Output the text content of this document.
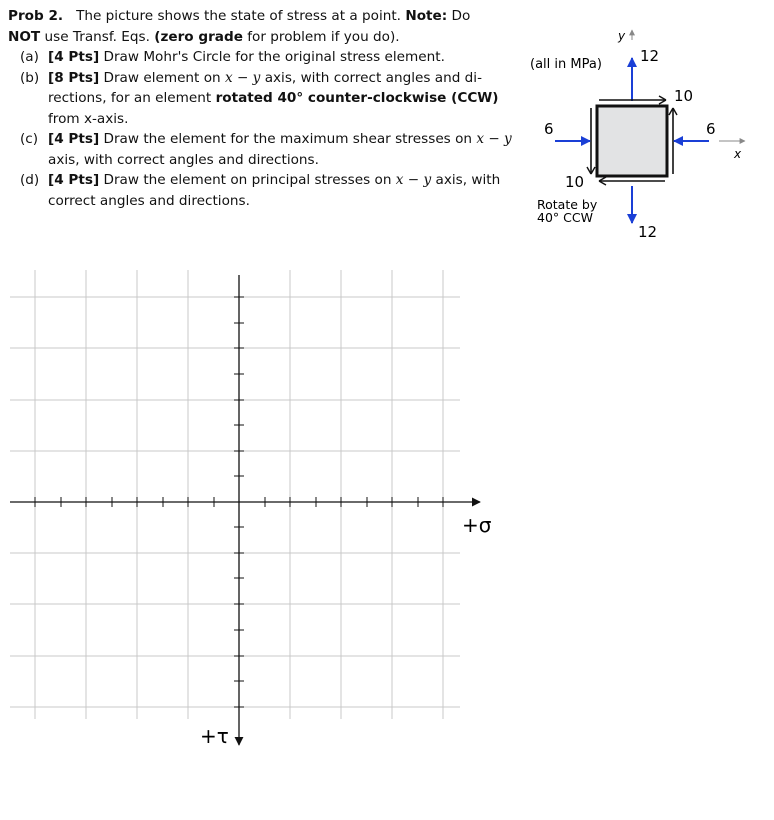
Prob 2. The picture shows the state of stress at a point. Note: Do
NOT use Transf. Eqs. (zero grade for problem if you do).
(a) [4 Pts] Draw Mohr's Circle for the original stress element.
(b) [8 Pts] Draw element on x − y axis, with correct angles and di-
rections, for an element rotated 40° counter-clockwise (CCW)
from x-axis.
(c) [4 Pts] Draw the element for the maximum shear stresses on x − y
axis, with correct angles and directions.
(d) [4 Pts] Draw the element on principal stresses on x − y axis, with
correct angles and directions.
(all in MPa)
y
12
10
10
6	6
x
12
Rotate by
40° CCW
+σ
+τ
